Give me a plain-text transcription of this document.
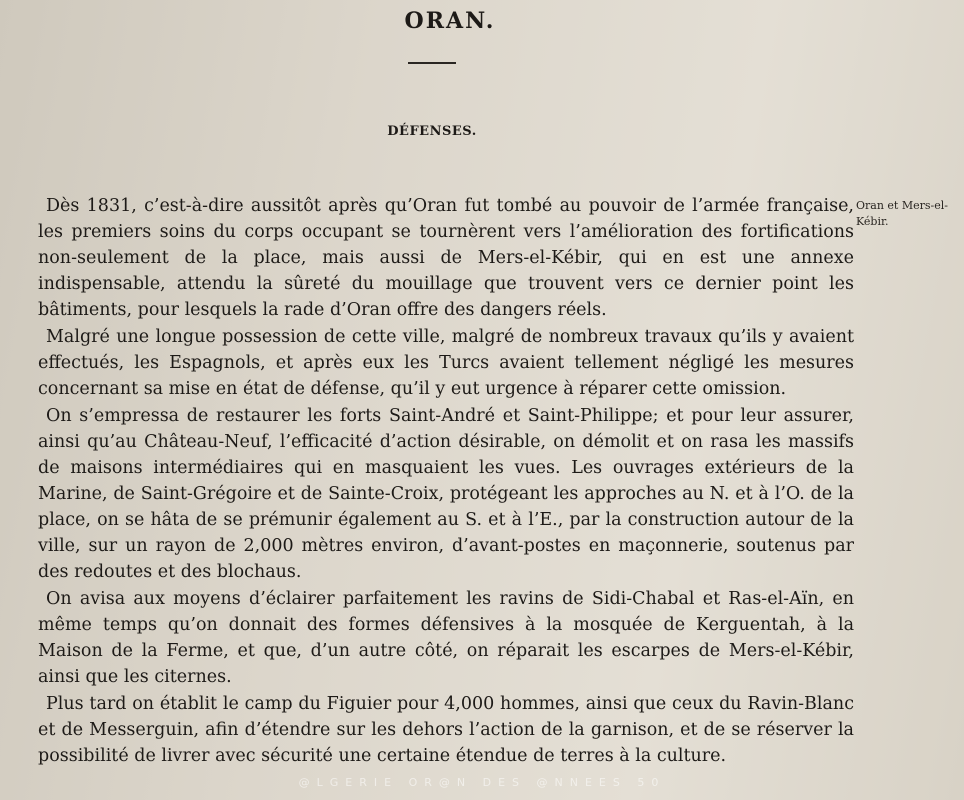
ORAN.
DÉFENSES.
Oran et Mers-el-Kébir.

Dès 1831, c’est-à-dire aussitôt après qu’Oran fut tombé au pouvoir de l’armée française, les premiers soins du corps occupant se tournèrent vers l’amélioration des fortifications non-seulement de la place, mais aussi de Mers-el-Kébir, qui en est une annexe indispensable, attendu la sûreté du mouillage que trouvent vers ce dernier point les bâtiments, pour lesquels la rade d’Oran offre des dangers réels.

Malgré une longue possession de cette ville, malgré de nombreux travaux qu’ils y avaient effectués, les Espagnols, et après eux les Turcs avaient tellement négligé les mesures concernant sa mise en état de défense, qu’il y eut urgence à réparer cette omission.

On s’empressa de restaurer les forts Saint-André et Saint-Philippe; et pour leur assurer, ainsi qu’au Château-Neuf, l’efficacité d’action désirable, on démolit et on rasa les massifs de maisons intermédiaires qui en masquaient les vues. Les ouvrages extérieurs de la Marine, de Saint-Grégoire et de Sainte-Croix, protégeant les approches au N. et à l’O. de la place, on se hâta de se prémunir également au S. et à l’E., par la construction autour de la ville, sur un rayon de 2,000 mètres environ, d’avant-postes en maçonnerie, soutenus par des redoutes et des blochaus.

On avisa aux moyens d’éclairer parfaitement les ravins de Sidi-Chabal et Ras-el-Aïn, en même temps qu’on donnait des formes défensives à la mosquée de Kerguentah, à la Maison de la Ferme, et que, d’un autre côté, on réparait les escarpes de Mers-el-Kébir, ainsi que les citernes.

Plus tard on établit le camp du Figuier pour 4,000 hommes, ainsi que ceux du Ravin-Blanc et de Messerguin, afin d’étendre sur les dehors l’action de la garnison, et de se réserver la possibilité de livrer avec sécurité une certaine étendue de terres à la culture.

@LGERIE OR@N DES @NNEES 50
